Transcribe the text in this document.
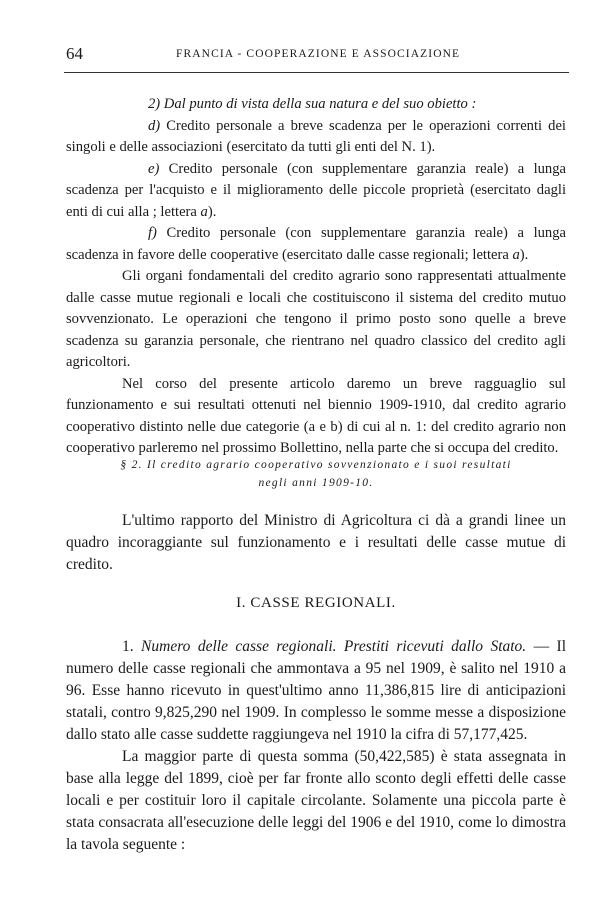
64	FRANCIA - COOPERAZIONE E ASSOCIAZIONE

2) Dal punto di vista della sua natura e del suo obietto :

d) Credito personale a breve scadenza per le operazioni correnti dei singoli e delle associazioni (esercitato da tutti gli enti del N. 1).

e) Credito personale (con supplementare garanzia reale) a lunga scadenza per l'acquisto e il miglioramento delle piccole proprietà (esercitato dagli enti di cui alla ; lettera a).

f) Credito personale (con supplementare garanzia reale) a lunga scadenza in favore delle cooperative (esercitato dalle casse regionali; lettera a).

Gli organi fondamentali del credito agrario sono rappresentati attualmente dalle casse mutue regionali e locali che costituiscono il sistema del credito mutuo sovvenzionato. Le operazioni che tengono il primo posto sono quelle a breve scadenza su garanzia personale, che rientrano nel quadro classico del credito agli agricoltori.

Nel corso del presente articolo daremo un breve ragguaglio sul funzionamento e sui resultati ottenuti nel biennio 1909-1910, dal credito agrario cooperativo distinto nelle due categorie (a e b) di cui al n. 1: del credito agrario non cooperativo parleremo nel prossimo Bollettino, nella parte che si occupa del credito.

§ 2. Il credito agrario cooperativo sovvenzionato e i suoi resultati
negli anni 1909-10.

L'ultimo rapporto del Ministro di Agricoltura ci dà a grandi linee un quadro incoraggiante sul funzionamento e i resultati delle casse mutue di credito.

I. CASSE REGIONALI.

1. Numero delle casse regionali. Prestiti ricevuti dallo Stato. — Il numero delle casse regionali che ammontava a 95 nel 1909, è salito nel 1910 a 96. Esse hanno ricevuto in quest'ultimo anno 11,386,815 lire di anticipazioni statali, contro 9,825,290 nel 1909. In complesso le somme messe a disposizione dallo stato alle casse suddette raggiungeva nel 1910 la cifra di 57,177,425.

La maggior parte di questa somma (50,422,585) è stata assegnata in base alla legge del 1899, cioè per far fronte allo sconto degli effetti delle casse locali e per costituir loro il capitale circolante. Solamente una piccola parte è stata consacrata all'esecuzione delle leggi del 1906 e del 1910, come lo dimostra la tavola seguente :
